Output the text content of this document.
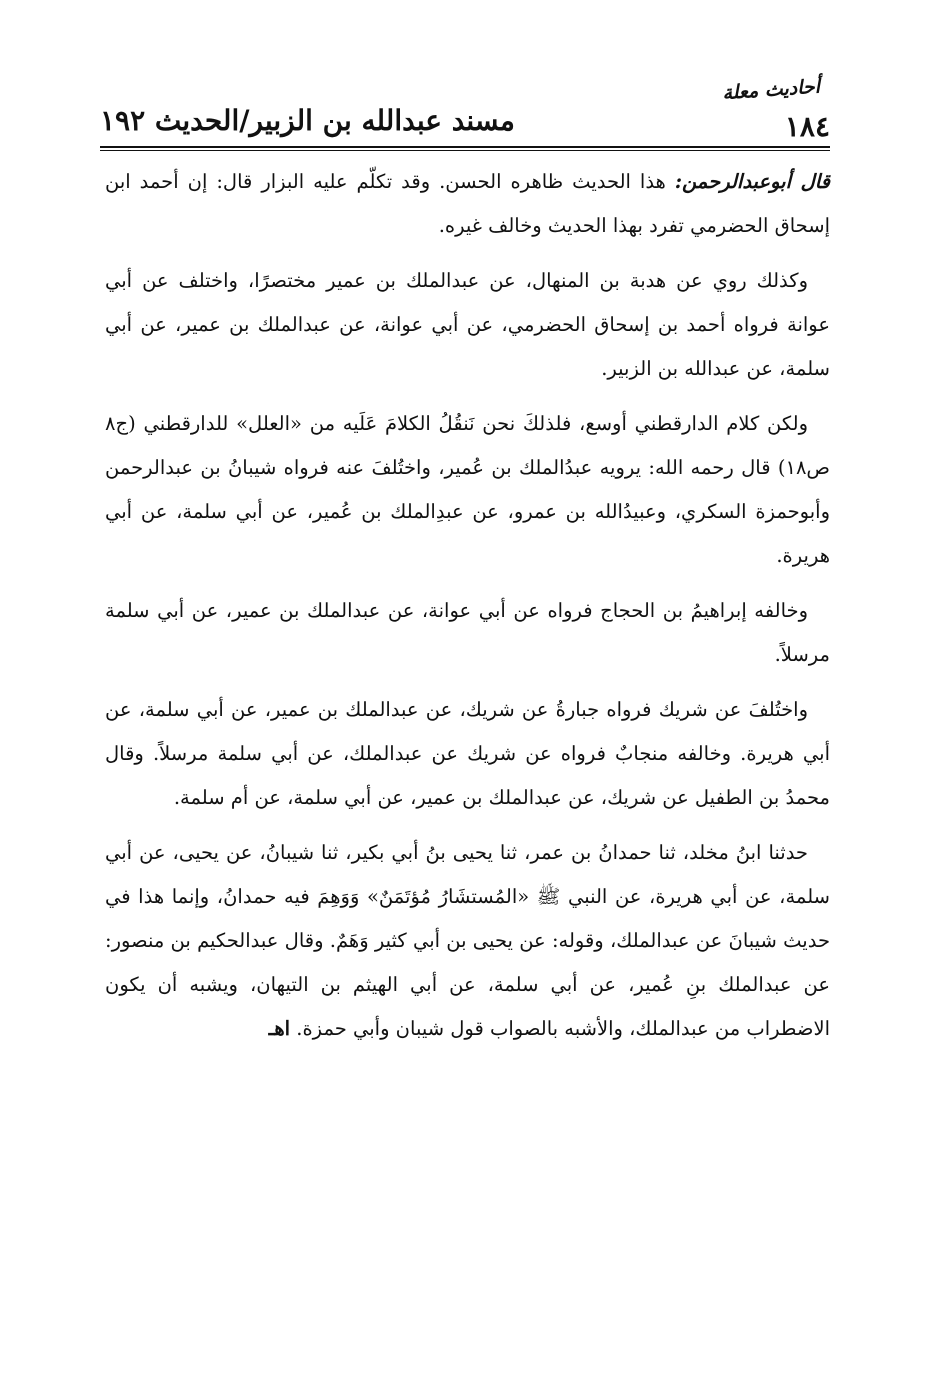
أحاديث معلة
١٨٤
مسند عبدالله بن الزبير/الحديث ١٩٢

قال أبوعبدالرحمن: هذا الحديث ظاهره الحسن. وقد تكلّم عليه البزار قال: إن أحمد ابن إسحاق الحضرمي تفرد بهذا الحديث وخالف غيره.

وكذلك روي عن هدبة بن المنهال، عن عبدالملك بن عمير مختصرًا، واختلف عن أبي عوانة فرواه أحمد بن إسحاق الحضرمي، عن أبي عوانة، عن عبدالملك بن عمير، عن أبي سلمة، عن عبدالله بن الزبير.

ولكن كلام الدارقطني أوسع، فلذلكَ نحن نَنقُلُ الكلامَ عَلَيه من «العلل» للدارقطني (ج٨ ص١٨) قال رحمه الله: يرويه عبدُالملك بن عُمير، واختُلفَ عنه فرواه شيبانُ بن عبدالرحمن وأبوحمزة السكري، وعبيدُالله بن عمرو، عن عبدِالملك بن عُمير، عن أبي سلمة، عن أبي هريرة.

وخالفه إبراهيمُ بن الحجاج فرواه عن أبي عوانة، عن عبدالملك بن عمير، عن أبي سلمة مرسلاً.

واختُلفَ عن شريك فرواه جبارةُ عن شريك، عن عبدالملك بن عمير، عن أبي سلمة، عن أبي هريرة. وخالفه منجابٌ فرواه عن شريك عن عبدالملك، عن أبي سلمة مرسلاً. وقال محمدُ بن الطفيل عن شريك، عن عبدالملك بن عمير، عن أبي سلمة، عن أم سلمة.

حدثنا ابنُ مخلد، ثنا حمدانُ بن عمر، ثنا يحيى بنُ أبي بكير، ثنا شيبانُ، عن يحيى، عن أبي سلمة، عن أبي هريرة، عن النبي ﷺ «المُستشَارُ مُؤتَمَنٌ» وَوَهِمَ فيه حمدانُ، وإنما هذا في حديث شيبانَ عن عبدالملك، وقوله: عن يحيى بن أبي كثير وَهَمٌ. وقال عبدالحكيم بن منصور: عن عبدالملك بنِ عُمير، عن أبي سلمة، عن أبي الهيثم بن التيهان، ويشبه أن يكون الاضطراب من عبدالملك، والأشبه بالصواب قول شيبان وأبي حمزة. اهـ
